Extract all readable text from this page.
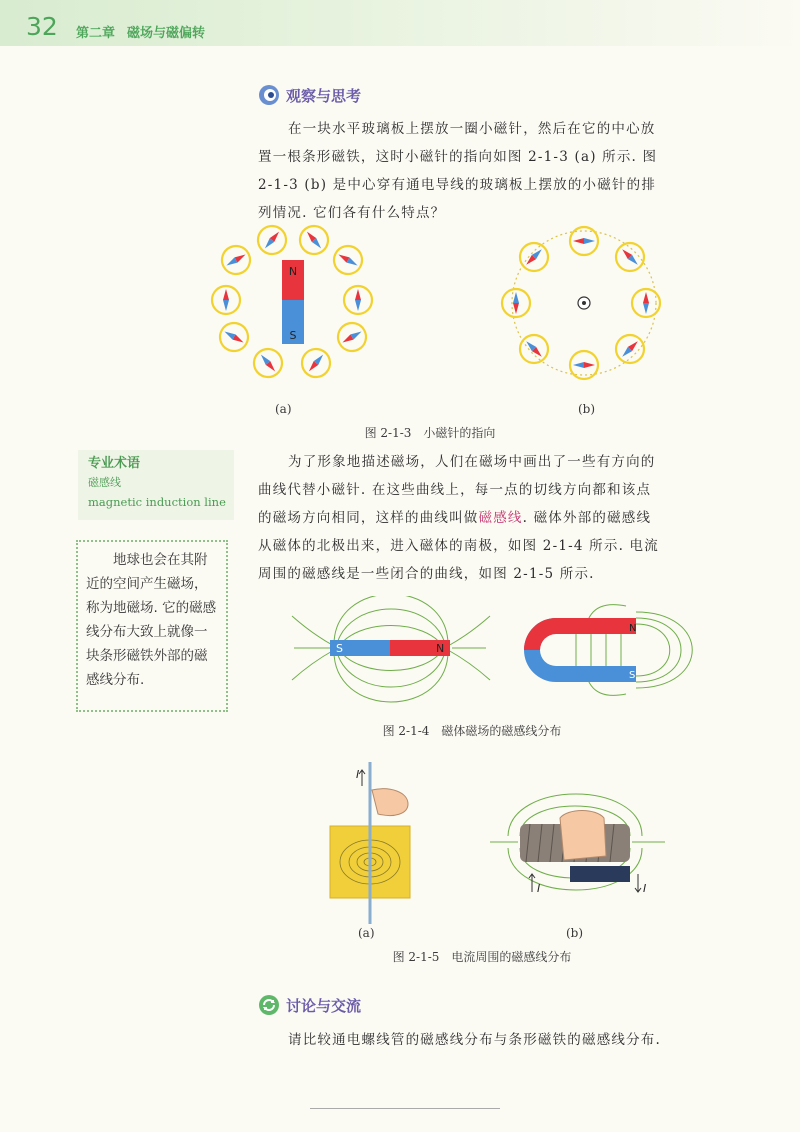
32 第二章 磁场与磁偏转
观察与思考
在一块水平玻璃板上摆放一圈小磁针，然后在它的中心放
置一根条形磁铁，这时小磁针的指向如图 2-1-3 (a) 所示. 图
2-1-3 (b) 是中心穿有通电导线的玻璃板上摆放的小磁针的排
列情况. 它们各有什么特点？
N
S
(a)	(b)
图 2-1-3　小磁针的指向
专业术语
磁感线
magnetic induction line
地球也会在其附近的空间产生磁场，称为地磁场. 它的磁感线分布大致上就像一块条形磁铁外部的磁感线分布.
为了形象地描述磁场，人们在磁场中画出了一些有方向的
曲线代替小磁针. 在这些曲线上，每一点的切线方向都和该点
的磁场方向相同，这样的曲线叫做磁感线. 磁体外部的磁感线
从磁体的北极出来，进入磁体的南极，如图 2-1-4 所示. 电流
周围的磁感线是一些闭合的曲线，如图 2-1-5 所示.
S	N
N
S
图 2-1-4　磁体磁场的磁感线分布
I
I	I
(a)	(b)
图 2-1-5　电流周围的磁感线分布
讨论与交流
请比较通电螺线管的磁感线分布与条形磁铁的磁感线分布.
